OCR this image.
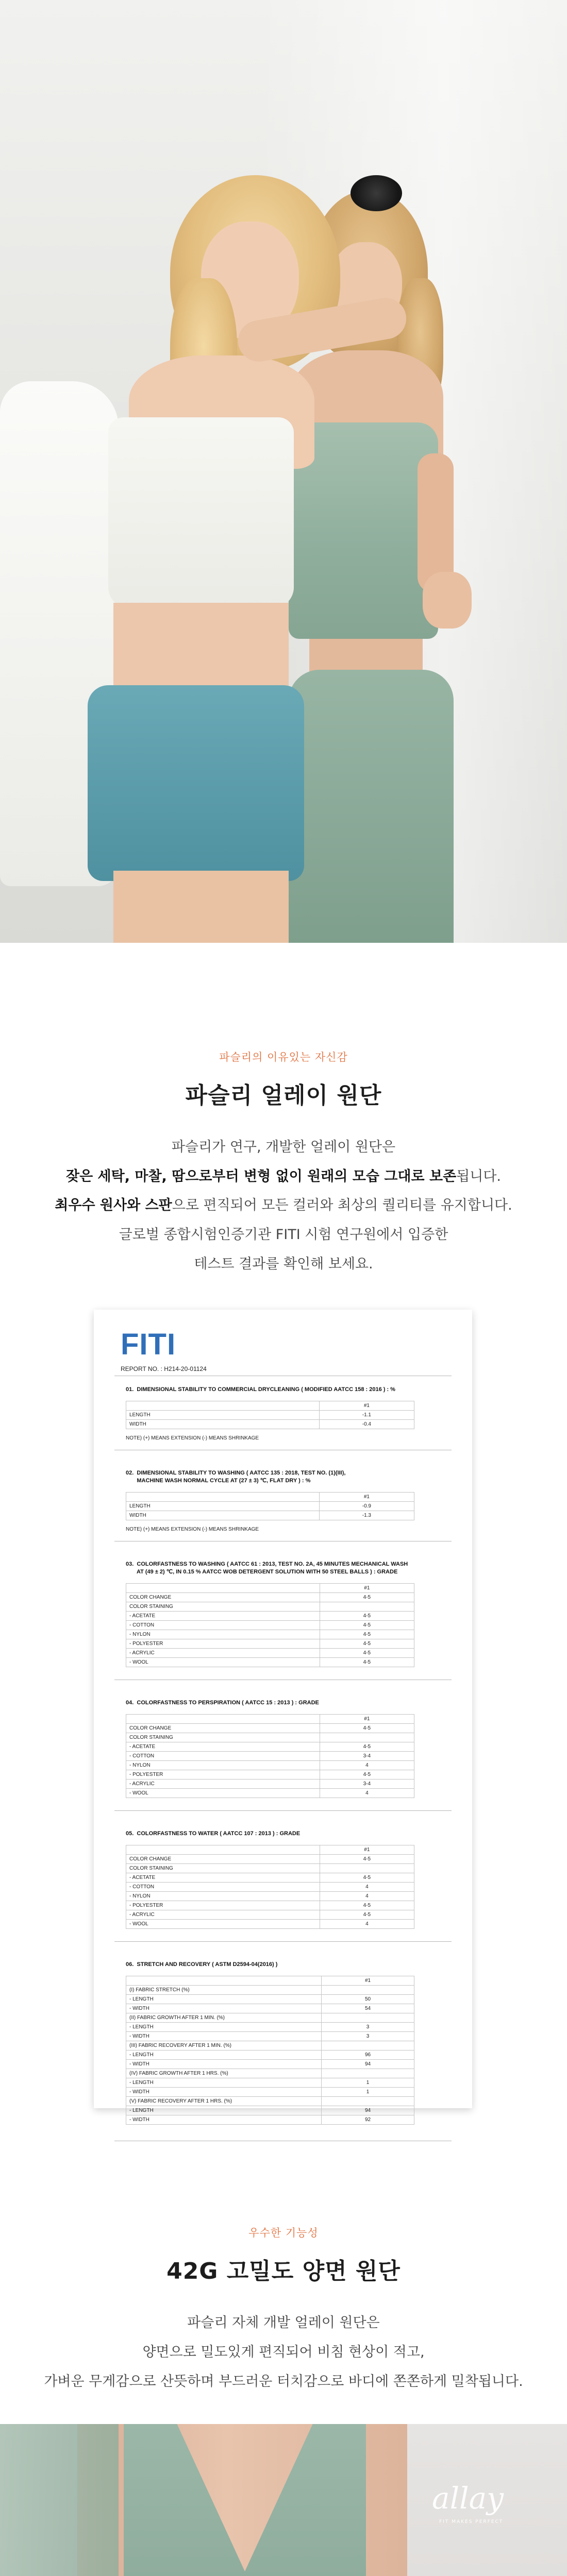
파슬리의 이유있는 자신감
파슬리 얼레이 원단
파슬리가 연구, 개발한 얼레이 원단은
잦은 세탁, 마찰, 땀으로부터 변형 없이 원래의 모습 그대로 보존됩니다.
최우수 원사와 스판으로 편직되어 모든 컬러와 최상의 퀄리티를 유지합니다.
글로벌 종합시험인증기관 FITI 시험 연구원에서 입증한
테스트 결과를 확인해 보세요.
FITI
REPORT NO. : H214-20-01124
01.  DIMENSIONAL STABILITY TO COMMERCIAL DRYCLEANING ( MODIFIED AATCC 158 : 2016 ) : %
	#1
LENGTH	-1.1
WIDTH	-0.4
NOTE) (+) MEANS EXTENSION (-) MEANS SHRINKAGE
02.  DIMENSIONAL STABILITY TO WASHING ( AATCC 135 : 2018, TEST NO. (1)(III),
MACHINE WASH NORMAL CYCLE AT (27 ± 3) ℃, FLAT DRY ) : %
	#1
LENGTH	-0.9
WIDTH	-1.3
NOTE) (+) MEANS EXTENSION (-) MEANS SHRINKAGE
03.  COLORFASTNESS TO WASHING ( AATCC 61 : 2013, TEST NO. 2A, 45 MINUTES MECHANICAL WASH
AT (49 ± 2) ℃, IN 0.15 % AATCC WOB DETERGENT SOLUTION WITH 50 STEEL BALLS ) : GRADE
	#1
COLOR CHANGE	4-5
COLOR STAINING	
- ACETATE	4-5
- COTTON	4-5
- NYLON	4-5
- POLYESTER	4-5
- ACRYLIC	4-5
- WOOL	4-5
04.  COLORFASTNESS TO PERSPIRATION ( AATCC 15 : 2013 ) : GRADE
	#1
COLOR CHANGE	4-5
COLOR STAINING	
- ACETATE	4-5
- COTTON	3-4
- NYLON	4
- POLYESTER	4-5
- ACRYLIC	3-4
- WOOL	4
05.  COLORFASTNESS TO WATER ( AATCC 107 : 2013 ) : GRADE
	#1
COLOR CHANGE	4-5
COLOR STAINING	
- ACETATE	4-5
- COTTON	4
- NYLON	4
- POLYESTER	4-5
- ACRYLIC	4-5
- WOOL	4
06.  STRETCH AND RECOVERY ( ASTM D2594-04(2016) )
	#1
(I) FABRIC STRETCH (%)	
- LENGTH	50
- WIDTH	54
(II) FABRIC GROWTH AFTER 1 MIN. (%)	
- LENGTH	3
- WIDTH	3
(III) FABRIC RECOVERY AFTER 1 MIN. (%)	
- LENGTH	96
- WIDTH	94
(IV) FABRIC GROWTH AFTER 1 HRS. (%)	
- LENGTH	1
- WIDTH	1
(V) FABRIC RECOVERY AFTER 1 HRS. (%)	
- LENGTH	94
- WIDTH	92
우수한 기능성
42G 고밀도 양면 원단
파슬리 자체 개발 얼레이 원단은
양면으로 밀도있게 편직되어 비침 현상이 적고,
가벼운 무게감으로 산뜻하며 부드러운 터치감으로 바디에 쫀쫀하게 밀착됩니다.
allay
FIT MAKES PERFECT
